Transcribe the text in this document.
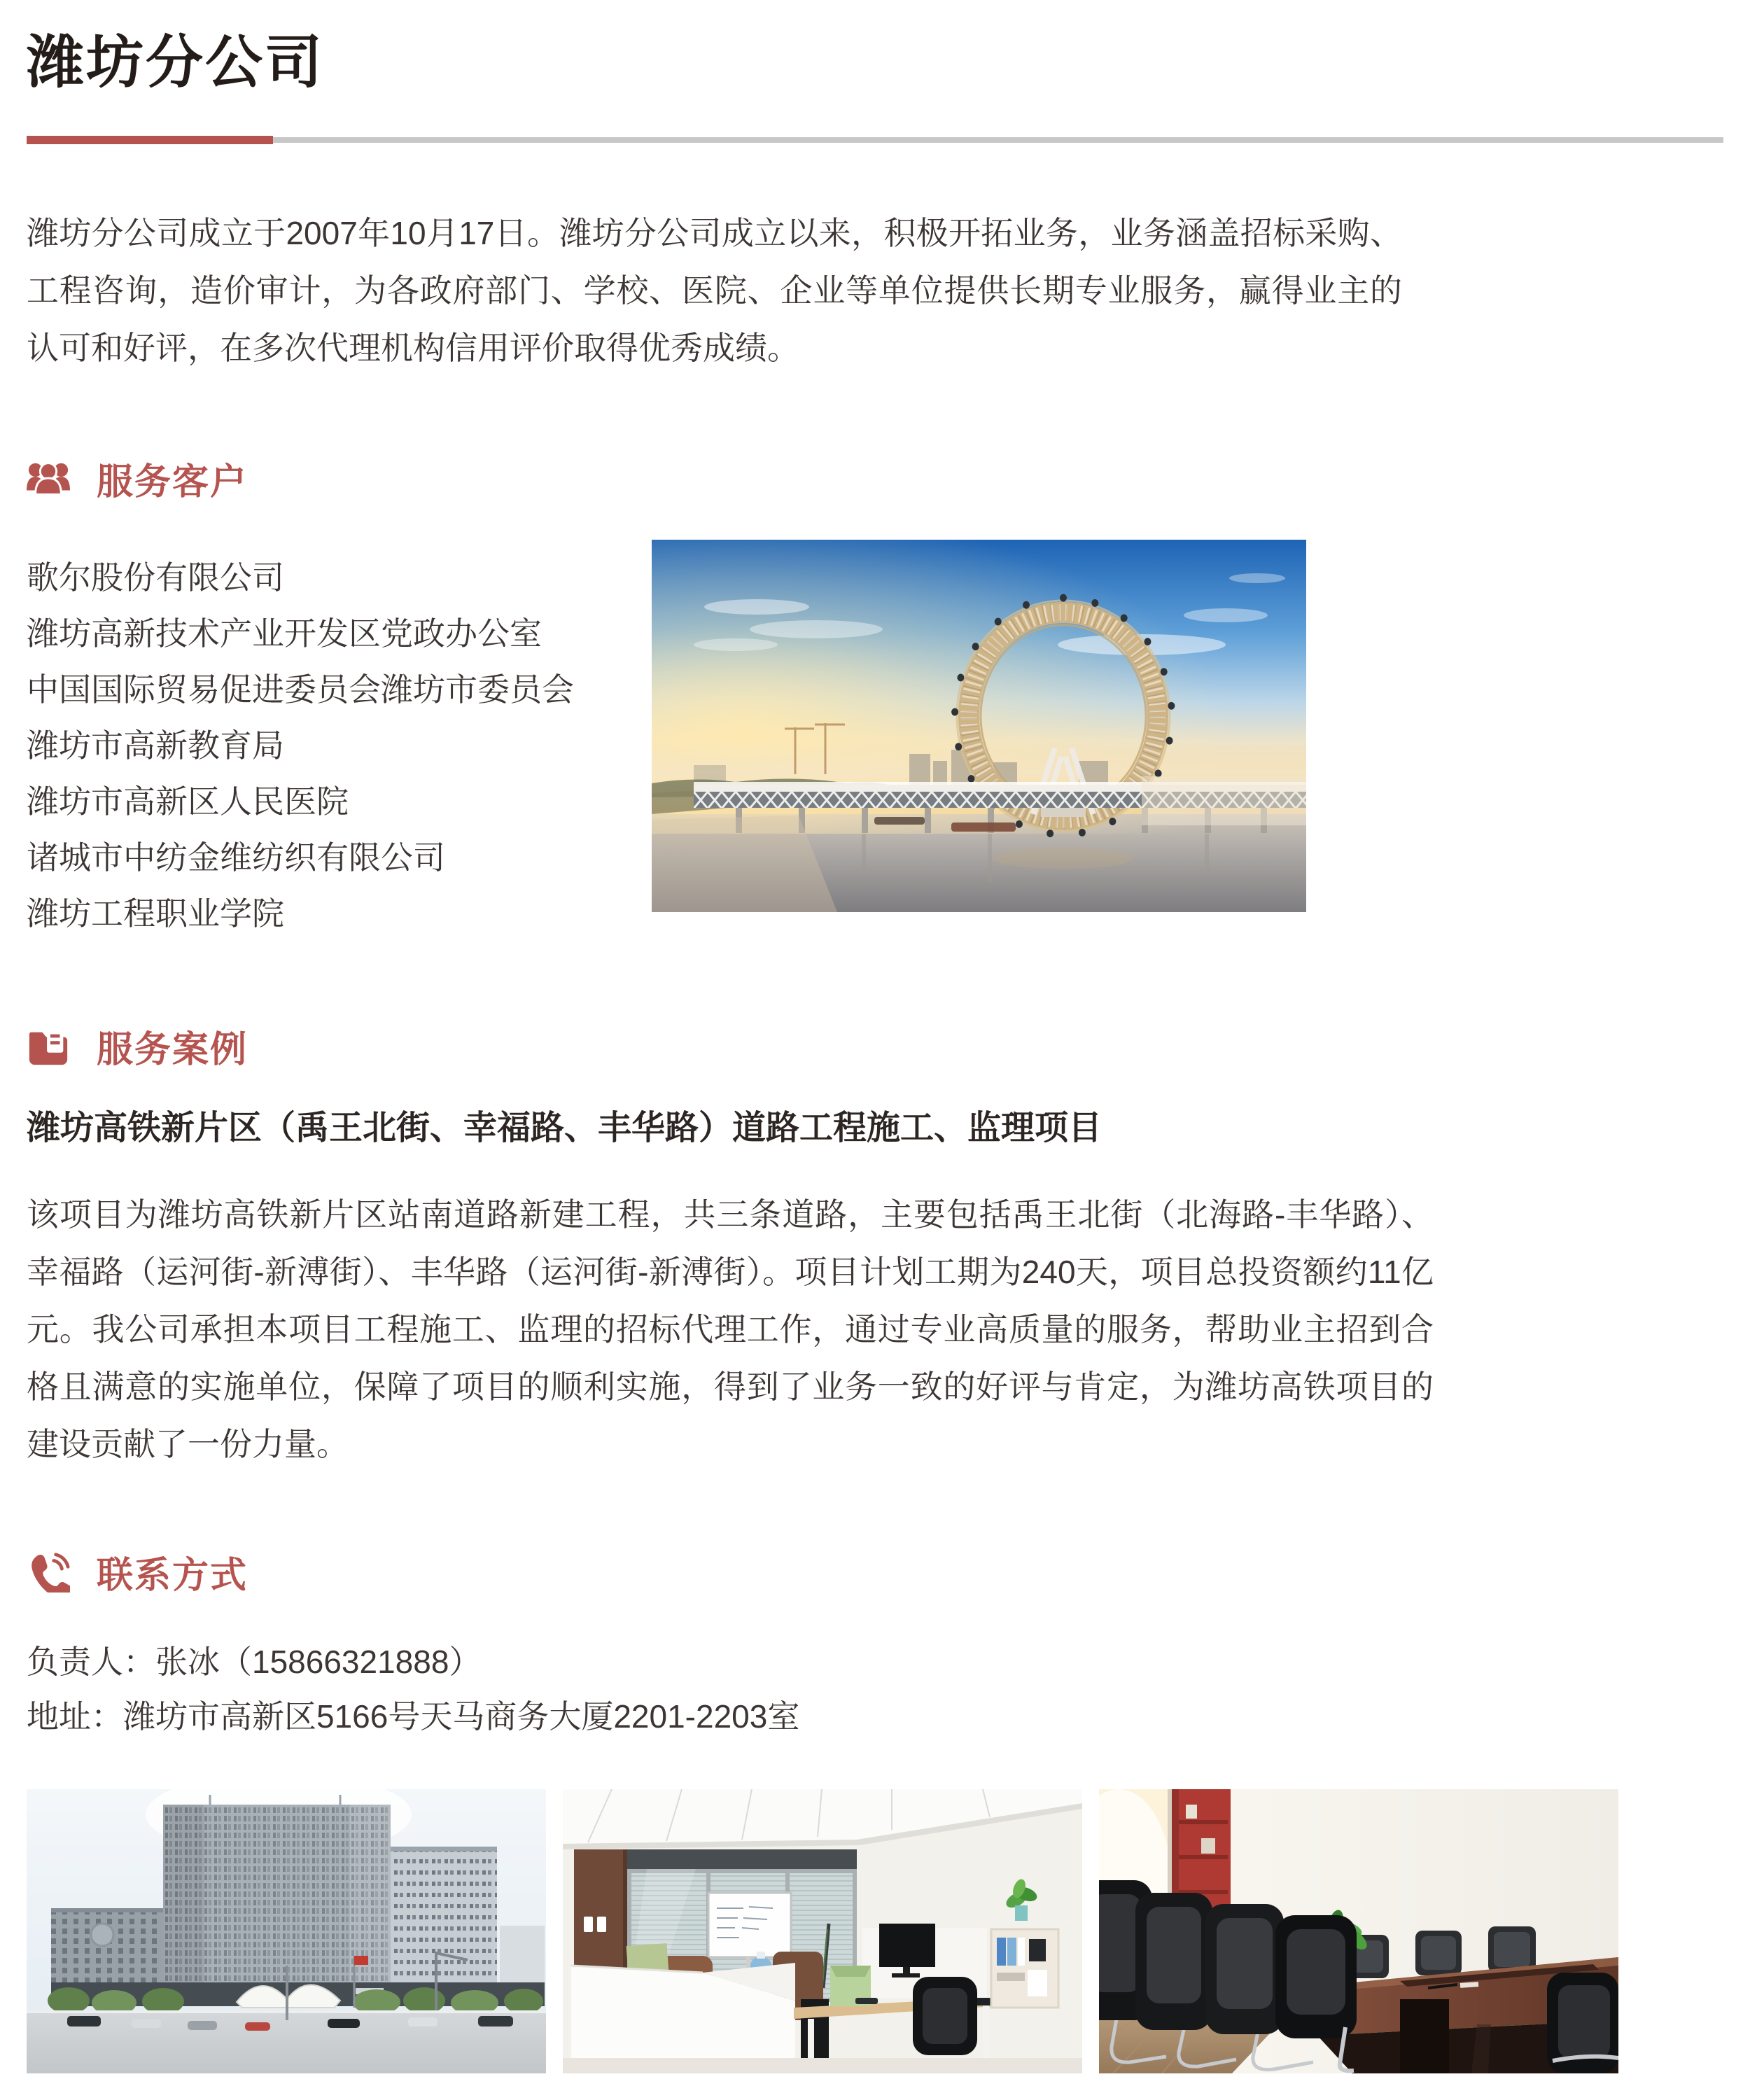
潍坊分公司

潍坊分公司成立于2007年10月17日。潍坊分公司成立以来，积极开拓业务，业务涵盖招标采购、工程咨询，造价审计，为各政府部门、学校、医院、企业等单位提供长期专业服务，赢得业主的认可和好评，在多次代理机构信用评价取得优秀成绩。

服务客户
歌尔股份有限公司
潍坊高新技术产业开发区党政办公室
中国国际贸易促进委员会潍坊市委员会
潍坊市高新教育局
潍坊市高新区人民医院
诸城市中纺金维纺织有限公司
潍坊工程职业学院
服务案例
潍坊高铁新片区（禹王北街、幸福路、丰华路）道路工程施工、监理项目

该项目为潍坊高铁新片区站南道路新建工程，共三条道路，主要包括禹王北街（北海路-丰华路）、幸福路（运河街-新溥街）、丰华路（运河街-新溥街）。项目计划工期为240天，项目总投资额约11亿元。我公司承担本项目工程施工、监理的招标代理工作，通过专业高质量的服务，帮助业主招到合格且满意的实施单位，保障了项目的顺利实施，得到了业务一致的好评与肯定，为潍坊高铁项目的建设贡献了一份力量。

联系方式

负责人：张冰（15866321888）

地址：潍坊市高新区5166号天马商务大厦2201-2203室
